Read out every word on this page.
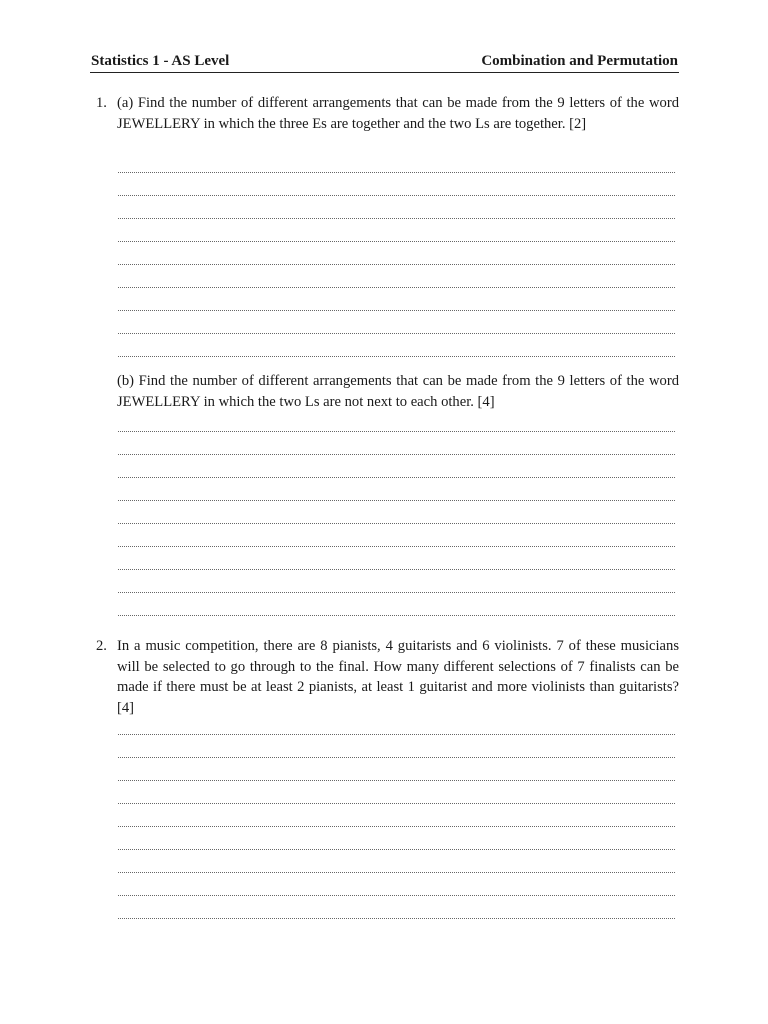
Statistics 1 - AS Level	Combination and Permutation
1. (a) Find the number of different arrangements that can be made from the 9 letters of the word JEWELLERY in which the three Es are together and the two Ls are together. [2]
(b) Find the number of different arrangements that can be made from the 9 letters of the word JEWELLERY in which the two Ls are not next to each other. [4]
2. In a music competition, there are 8 pianists, 4 guitarists and 6 violinists. 7 of these musicians will be selected to go through to the final. How many different selections of 7 finalists can be made if there must be at least 2 pianists, at least 1 guitarist and more violinists than guitarists? [4]
